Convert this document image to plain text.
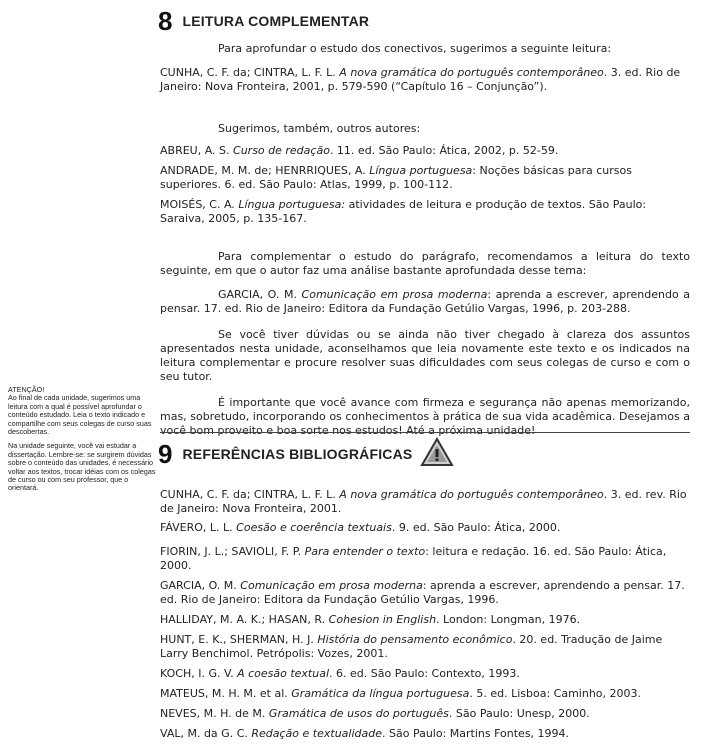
8 LEITURA COMPLEMENTAR

Para aprofundar o estudo dos conectivos, sugerimos a seguinte leitura:

CUNHA, C. F. da; CINTRA, L. F. L. A nova gramática do português contemporâneo. 3. ed. Rio de Janeiro: Nova Fronteira, 2001, p. 579-590 (“Capítulo 16 – Conjunção”).

Sugerimos, também, outros autores:

ABREU, A. S. Curso de redação. 11. ed. São Paulo: Ática, 2002, p. 52-59.

ANDRADE, M. M. de; HENRRIQUES, A. Língua portuguesa: Noções básicas para cursos superiores. 6. ed. São Paulo: Atlas, 1999, p. 100-112.

MOISÉS, C. A. Língua portuguesa: atividades de leitura e produção de textos. São Paulo: Saraiva, 2005, p. 135-167.

Para complementar o estudo do parágrafo, recomendamos a leitura do texto seguinte, em que o autor faz uma análise bastante aprofundada desse tema:

GARCIA, O. M. Comunicação em prosa moderna: aprenda a escrever, aprendendo a pensar. 17. ed. Rio de Janeiro: Editora da Fundação Getúlio Vargas, 1996, p. 203-288.

Se você tiver dúvidas ou se ainda não tiver chegado à clareza dos assuntos apresentados nesta unidade, aconselhamos que leia novamente este texto e os indicados na leitura complementar e procure resolver suas dificuldades com seus colegas de curso e com o seu tutor.

É importante que você avance com firmeza e segurança não apenas memorizando, mas, sobretudo, incorporando os conhecimentos à prática de sua vida acadêmica. Desejamos a você bom proveito e boa sorte nos estudos! Até a próxima unidade!

ATENÇÃO!

Ao final de cada unidade, sugerimos uma leitura com a qual é possível aprofundar o conteúdo estudado. Leia o texto indicado e compartilhe com seus colegas de curso suas descobertas.

Na unidade seguinte, você vai estudar a dissertação. Lembre-se: se surgirem dúvidas sobre o conteúdo das unidades, é necessário voltar aos textos, trocar idéias com os colegas de curso ou com seu professor, que o orientará.

9 REFERÊNCIAS BIBLIOGRÁFICAS

CUNHA, C. F. da; CINTRA, L. F. L. A nova gramática do português contemporâneo. 3. ed. rev. Rio de Janeiro: Nova Fronteira, 2001.

FÁVERO, L. L. Coesão e coerência textuais. 9. ed. São Paulo: Ática, 2000.

FIORIN, J. L.; SAVIOLI, F. P. Para entender o texto: leitura e redação. 16. ed. São Paulo: Ática, 2000.

GARCIA, O. M. Comunicação em prosa moderna: aprenda a escrever, aprendendo a pensar. 17. ed. Rio de Janeiro: Editora da Fundação Getúlio Vargas, 1996.

HALLIDAY, M. A. K.; HASAN, R. Cohesion in English. London: Longman, 1976.

HUNT, E. K., SHERMAN, H. J. História do pensamento econômico. 20. ed. Tradução de Jaime Larry Benchimol. Petrópolis: Vozes, 2001.

KOCH, I. G. V. A coesão textual. 6. ed. São Paulo: Contexto, 1993.

MATEUS, M. H. M. et al. Gramática da língua portuguesa. 5. ed. Lisboa: Caminho, 2003.

NEVES, M. H. de M. Gramática de usos do português. São Paulo: Unesp, 2000.

VAL, M. da G. C. Redação e textualidade. São Paulo: Martins Fontes, 1994.
